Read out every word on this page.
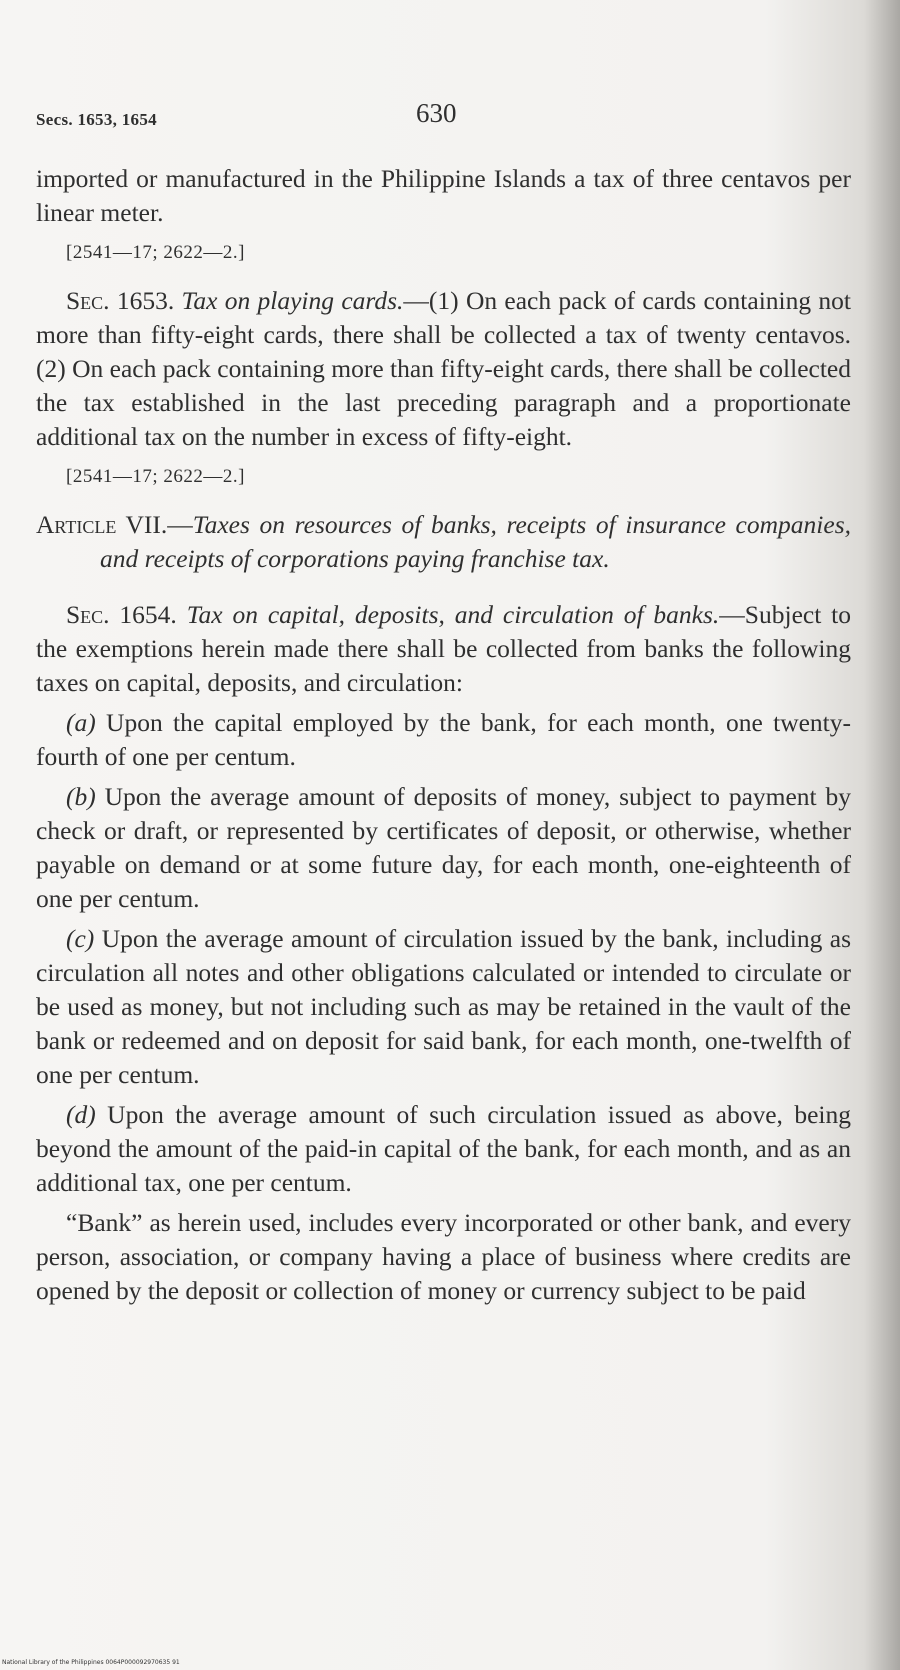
Secs. 1653, 1654	630

imported or manufactured in the Philippine Islands a tax of three centavos per linear meter.

[2541—17; 2622—2.]

Sec. 1653. Tax on playing cards.—(1) On each pack of cards containing not more than fifty-eight cards, there shall be collected a tax of twenty centavos. (2) On each pack containing more than fifty-eight cards, there shall be collected the tax established in the last preceding paragraph and a proportionate additional tax on the number in excess of fifty-eight.

[2541—17; 2622—2.]

Article VII.—Taxes on resources of banks, receipts of insurance companies, and receipts of corporations paying franchise tax.

Sec. 1654. Tax on capital, deposits, and circulation of banks.—Subject to the exemptions herein made there shall be collected from banks the following taxes on capital, deposits, and circulation:

(a) Upon the capital employed by the bank, for each month, one twenty-fourth of one per centum.

(b) Upon the average amount of deposits of money, subject to payment by check or draft, or represented by certificates of deposit, or otherwise, whether payable on demand or at some future day, for each month, one-eighteenth of one per centum.

(c) Upon the average amount of circulation issued by the bank, including as circulation all notes and other obligations calculated or intended to circulate or be used as money, but not including such as may be retained in the vault of the bank or redeemed and on deposit for said bank, for each month, one-twelfth of one per centum.

(d) Upon the average amount of such circulation issued as above, being beyond the amount of the paid-in capital of the bank, for each month, and as an additional tax, one per centum.

“Bank” as herein used, includes every incorporated or other bank, and every person, association, or company having a place of business where credits are opened by the deposit or collection of money or currency subject to be paid

National Library of the Philippines 0064P000092970635 91
